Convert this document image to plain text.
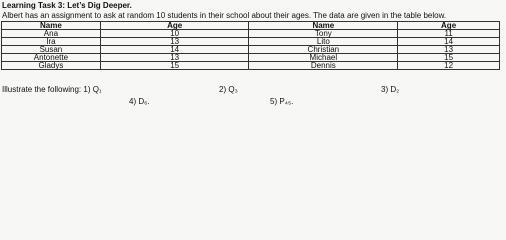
Learning Task 3: Let’s Dig Deeper.
Albert has an assignment to ask at random 10 students in their school about their ages. The data are given in the table below.
Name	Age	Name	Age
Ana	10	Tony	11
Ira	13	Lito	14
Susan	14	Christian	13
Antonette	13	Michael	15
Gladys	15	Dennis	12
Illustrate the following: 1) Q₁	2) Q₃	3) D₂
4) D₆.	5) P₄₅.
